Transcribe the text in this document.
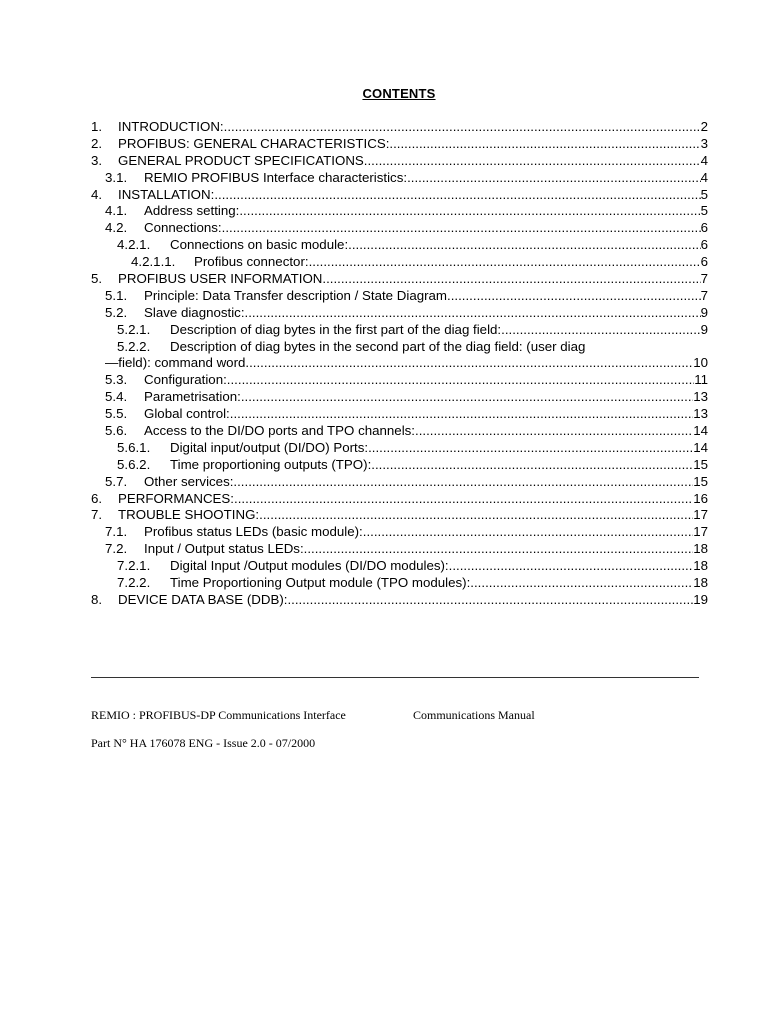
CONTENTS
1.	INTRODUCTION: .....	2
2.	PROFIBUS: GENERAL CHARACTERISTICS: .....	3
3.	GENERAL PRODUCT SPECIFICATIONS. .....	4
3.1.	REMIO PROFIBUS Interface characteristics: .....	4
4.	INSTALLATION: .....	5
4.1.	Address setting: .....	5
4.2.	Connections: .....	6
4.2.1.	Connections on basic module: .....	6
4.2.1.1.	Profibus connector: .....	6
5.	PROFIBUS USER INFORMATION .....	7
5.1.	Principle: Data Transfer description / State Diagram .....	7
5.2.	Slave diagnostic: .....	9
5.2.1.	Description of diag bytes in the first part of the diag field: .....	9
5.2.2.	Description of diag bytes in the second part of the diag field: (user diag
—field): command word .....	10
5.3.	Configuration: .....	11
5.4.	Parametrisation: .....	13
5.5.	Global control: .....	13
5.6.	Access to the DI/DO ports and TPO channels: .....	14
5.6.1.	Digital input/output (DI/DO) Ports: .....	14
5.6.2.	Time proportioning outputs (TPO): .....	15
5.7.	Other services: .....	15
6.	PERFORMANCES: .....	16
7.	TROUBLE SHOOTING: .....	17
7.1.	Profibus status LEDs (basic module): .....	17
7.2.	Input / Output status LEDs: .....	18
7.2.1.	Digital Input /Output modules (DI/DO modules): .....	18
7.2.2.	Time Proportioning Output module (TPO modules): .....	18
8.	DEVICE DATA BASE (DDB): .....	19
REMIO : PROFIBUS-DP Communications Interface	Communications Manual
Part N° HA 176078 ENG - Issue 2.0 - 07/2000
